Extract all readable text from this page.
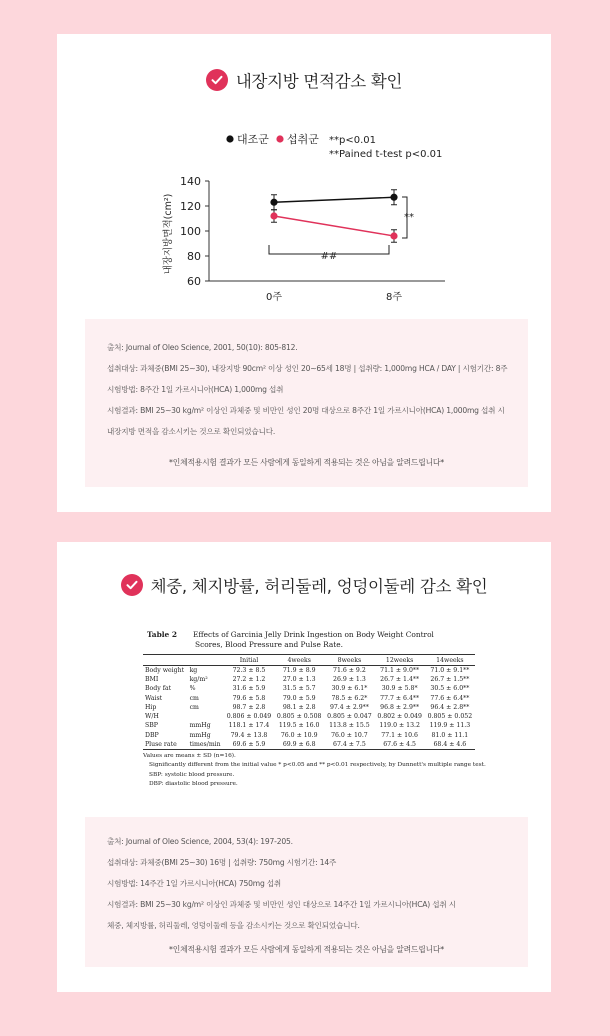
내장지방 면적감소 확인
대조군 섭취군 **p<0.01
**Pained t-test p<0.01
내장지방면적(cm²)
60
80
100
120
140
0주	8주
**
##
출처: Journal of Oleo Science, 2001, 50(10): 805-812.
섭취대상: 과체중(BMI 25~30), 내장지방 90cm² 이상 성인 20~65세 18명 | 섭취량: 1,000mg HCA / DAY | 시험기간: 8주
시험방법: 8주간 1일 가르시니아(HCA) 1,000mg 섭취
시험결과: BMI 25~30 kg/m² 이상인 과체중 및 비만인 성인 20명 대상으로 8주간 1일 가르시니아(HCA) 1,000mg 섭취 시
내장지방 면적을 감소시키는 것으로 확인되었습니다.
*인체적용시험 결과가 모든 사람에게 동일하게 적용되는 것은 아님을 알려드립니다*
체중, 체지방률, 허리둘레, 엉덩이둘레 감소 확인
Table 2 Effects of Garcinia Jelly Drink Ingestion on Body Weight Control
Scores, Blood Pressure and Pulse Rate.
		Initial	4weeks	8weeks	12weeks	14weeks
Body weight	kg	72.3 ± 8.5	71.9 ± 8.9	71.6 ± 9.2	71.1 ± 9.0**	71.0 ± 9.1**
BMI	kg/m²	27.2 ± 1.2	27.0 ± 1.3	26.9 ± 1.3	26.7 ± 1.4**	26.7 ± 1.5**
Body fat	%	31.6 ± 5.9	31.5 ± 5.7	30.9 ± 6.1*	30.9 ± 5.8*	30.5 ± 6.0**
Waist	cm	79.6 ± 5.8	79.0 ± 5.9	78.5 ± 6.2*	77.7 ± 6.4**	77.6 ± 6.4**
Hip	cm	98.7 ± 2.8	98.1 ± 2.8	97.4 ± 2.9**	96.8 ± 2.9**	96.4 ± 2.8**
W/H		0.806 ± 0.049	0.805 ± 0.508	0.805 ± 0.047	0.802 ± 0.049	0.805 ± 0.052
SBP	mmHg	118.1 ± 17.4	119.5 ± 16.0	113.8 ± 15.5	119.0 ± 13.2	119.9 ± 11.3
DBP	mmHg	79.4 ± 13.8	76.0 ± 10.9	76.0 ± 10.7	77.1 ± 10.6	81.0 ± 11.1
Pluse rate	times/min	69.6 ± 5.9	69.9 ± 6.8	67.4 ± 7.5	67.6 ± 4.5	68.4 ± 4.6
Values are means ± SD (n=16).
Significantly different from the initial value * p<0.05 and ** p<0.01 respectively, by Dunnett's multiple range test.
SBP: systolic blood pressure.
DBP: diastolic blood pressure.
출처: Journal of Oleo Science, 2004, 53(4): 197-205.
섭취대상: 과체중(BMI 25~30) 16명 | 섭취량: 750mg 시험기간: 14주
시험방법: 14주간 1일 가르시니아(HCA) 750mg 섭취
시험결과: BMI 25~30 kg/m² 이상인 과체중 및 비만인 성인 대상으로 14주간 1일 가르시니아(HCA) 섭취 시
체중, 체지방률, 허리둘레, 엉덩이둘레 등을 감소시키는 것으로 확인되었습니다.
*인체적용시험 결과가 모든 사람에게 동일하게 적용되는 것은 아님을 알려드립니다*
